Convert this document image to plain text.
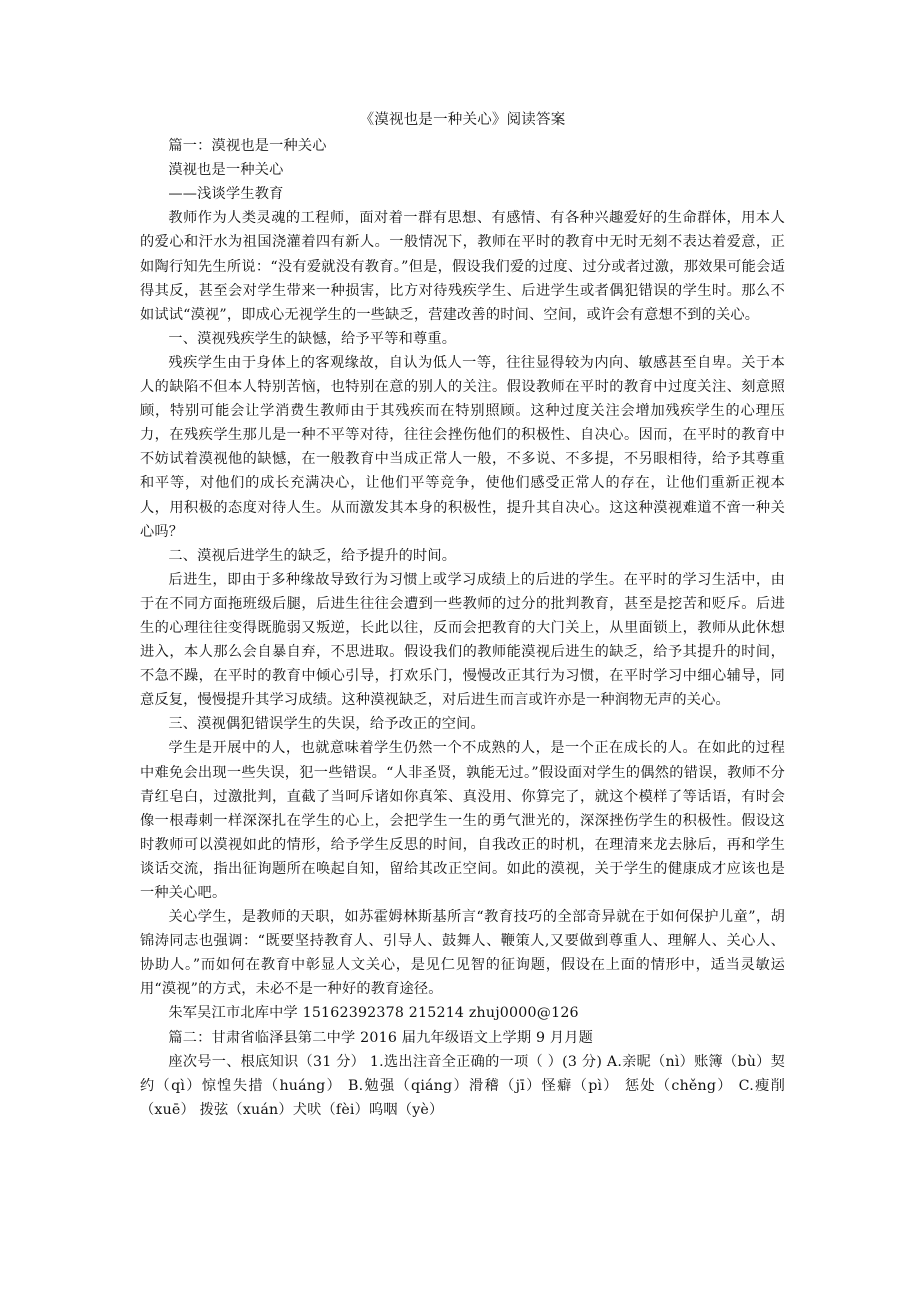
《漠视也是一种关心》阅读答案

篇一：漠视也是一种关心

漠视也是一种关心

——浅谈学生教育

教师作为人类灵魂的工程师，面对着一群有思想、有感情、有各种兴趣爱好的生命群体，用本人的爱心和汗水为祖国浇灌着四有新人。一般情况下，教师在平时的教育中无时无刻不表达着爱意，正如陶行知先生所说：“没有爱就没有教育。”但是，假设我们爱的过度、过分或者过激，那效果可能会适得其反，甚至会对学生带来一种损害，比方对待残疾学生、后进学生或者偶犯错误的学生时。那么不如试试“漠视”，即成心无视学生的一些缺乏，营建改善的时间、空间，或许会有意想不到的关心。

一、漠视残疾学生的缺憾，给予平等和尊重。

残疾学生由于身体上的客观缘故，自认为低人一等，往往显得较为内向、敏感甚至自卑。关于本人的缺陷不但本人特别苦恼，也特别在意的别人的关注。假设教师在平时的教育中过度关注、刻意照顾，特别可能会让学消费生教师由于其残疾而在特别照顾。这种过度关注会增加残疾学生的心理压力，在残疾学生那儿是一种不平等对待，往往会挫伤他们的积极性、自决心。因而，在平时的教育中不妨试着漠视他的缺憾，在一般教育中当成正常人一般，不多说、不多提，不另眼相待，给予其尊重和平等，对他们的成长充满决心，让他们平等竞争，使他们感受正常人的存在，让他们重新正视本人，用积极的态度对待人生。从而激发其本身的积极性，提升其自决心。这这种漠视难道不啻一种关心吗？

二、漠视后进学生的缺乏，给予提升的时间。

后进生，即由于多种缘故导致行为习惯上或学习成绩上的后进的学生。在平时的学习生活中，由于在不同方面拖班级后腿，后进生往往会遭到一些教师的过分的批判教育，甚至是挖苦和贬斥。后进生的心理往往变得既脆弱又叛逆，长此以往，反而会把教育的大门关上，从里面锁上，教师从此休想进入，本人那么会自暴自弃，不思进取。假设我们的教师能漠视后进生的缺乏，给予其提升的时间，不急不躁，在平时的教育中倾心引导，打欢乐门，慢慢改正其行为习惯，在平时学习中细心辅导，同意反复，慢慢提升其学习成绩。这种漠视缺乏，对后进生而言或许亦是一种润物无声的关心。

三、漠视偶犯错误学生的失误，给予改正的空间。

学生是开展中的人，也就意味着学生仍然一个不成熟的人，是一个正在成长的人。在如此的过程中难免会出现一些失误，犯一些错误。“人非圣贤，孰能无过。”假设面对学生的偶然的错误，教师不分青红皂白，过激批判，直截了当呵斥诸如你真笨、真没用、你算完了，就这个模样了等话语，有时会像一根毒刺一样深深扎在学生的心上，会把学生一生的勇气泄光的，深深挫伤学生的积极性。假设这时教师可以漠视如此的情形，给予学生反思的时间，自我改正的时机，在理清来龙去脉后，再和学生谈话交流，指出征询题所在唤起自知，留给其改正空间。如此的漠视，关于学生的健康成才应该也是一种关心吧。

关心学生，是教师的天职，如苏霍姆林斯基所言“教育技巧的全部奇异就在于如何保护儿童”，胡锦涛同志也强调：“既要坚持教育人、引导人、鼓舞人、鞭策人,又要做到尊重人、理解人、关心人、协助人。”而如何在教育中彰显人文关心，是见仁见智的征询题，假设在上面的情形中，适当灵敏运用“漠视”的方式，未必不是一种好的教育途径。

朱军吴江市北库中学 15162392378 215214 zhuj0000@126

篇二：甘肃省临泽县第二中学 2016 届九年级语文上学期 9 月月题

座次号一、根底知识（31 分） 1.选出注音全正确的一项（ ）(3 分) A.亲昵（nì）账簿（bù）契约（qì）惊惶失措（huáng） B.勉强（qiáng）滑稽（jī）怪癖（pì） 惩处（chěng） C.瘦削（xuē） 拨弦（xuán）犬吠（fèi）呜咽（yè）
